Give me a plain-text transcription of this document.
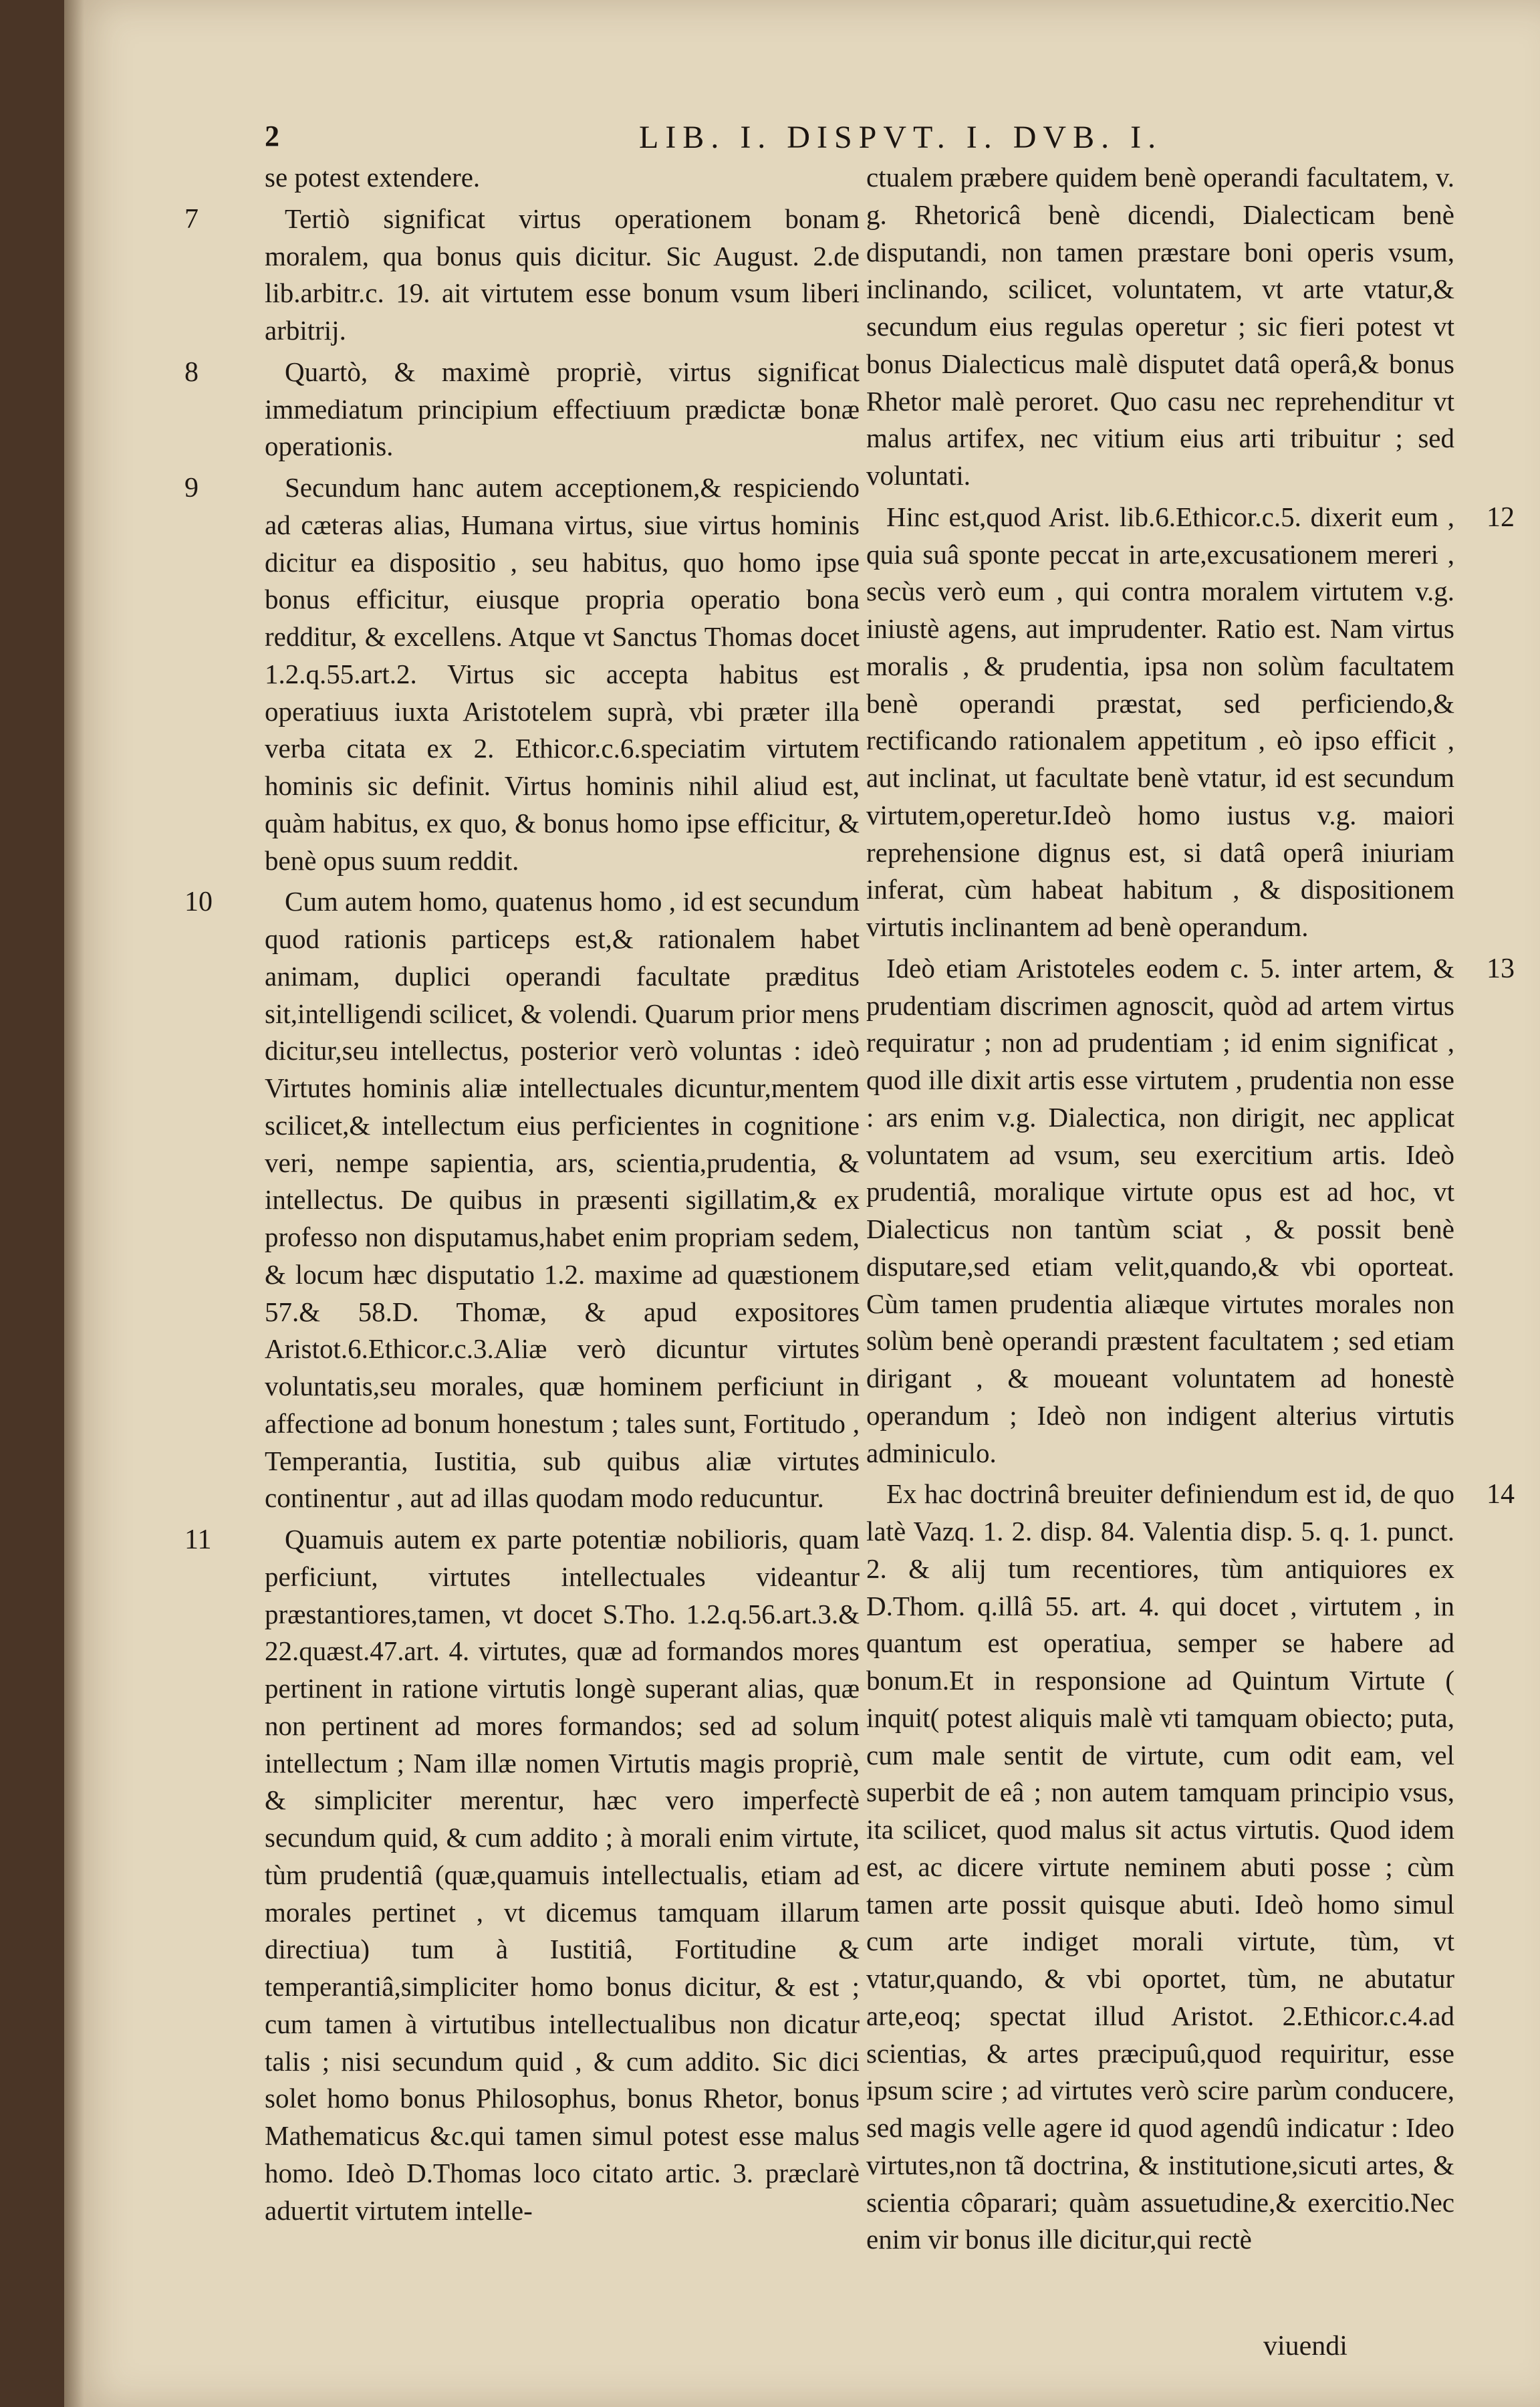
2	LIB. I. DISPVT. I. DVB. I.

se potest extendere.

7	Tertiò significat virtus operationem bonam moralem, qua bonus quis dicitur. Sic August. 2.de lib.arbitr.c. 19. ait virtutem esse bonum vsum liberi arbitrij.

8	Quartò, & maximè propriè, virtus significat immediatum principium effectiuum prædictæ bonæ operationis.

9	Secundum hanc autem acceptionem,& respiciendo ad cæteras alias, Humana virtus, siue virtus hominis dicitur ea dispositio , seu habitus, quo homo ipse bonus efficitur, eiusque propria operatio bona redditur, & excellens. Atque vt Sanctus Thomas docet 1.2.q.55.art.2. Virtus sic accepta habitus est operatiuus iuxta Aristotelem suprà, vbi præter illa verba citata ex 2. Ethicor.c.6.speciatim virtutem hominis sic definit. Virtus hominis nihil aliud est, quàm habitus, ex quo, & bonus homo ipse efficitur, & benè opus suum reddit.

10	Cum autem homo, quatenus homo , id est secundum quod rationis particeps est,& rationalem habet animam, duplici operandi facultate præditus sit,intelligendi scilicet, & volendi. Quarum prior mens dicitur,seu intellectus, posterior verò voluntas : ideò Virtutes hominis aliæ intellectuales dicuntur,mentem scilicet,& intellectum eius perficientes in cognitione veri, nempe sapientia, ars, scientia,prudentia, & intellectus. De quibus in præsenti sigillatim,& ex professo non disputamus,habet enim propriam sedem, & locum hæc disputatio 1.2. maxime ad quæstionem 57.& 58.D. Thomæ, & apud expositores Aristot.6.Ethicor.c.3.Aliæ verò dicuntur virtutes voluntatis,seu morales, quæ hominem perficiunt in affectione ad bonum honestum ; tales sunt, Fortitudo , Temperantia, Iustitia, sub quibus aliæ virtutes continentur , aut ad illas quodam modo reducuntur.

11	Quamuis autem ex parte potentiæ nobilioris, quam perficiunt, virtutes intellectuales videantur præstantiores,tamen, vt docet S.Tho. 1.2.q.56.art.3.& 22.quæst.47.art. 4. virtutes, quæ ad formandos mores pertinent in ratione virtutis longè superant alias, quæ non pertinent ad mores formandos; sed ad solum intellectum ; Nam illæ nomen Virtutis magis propriè, & simpliciter merentur, hæc vero imperfectè secundum quid, & cum addito ; à morali enim virtute, tùm prudentiâ (quæ,quamuis intellectualis, etiam ad morales pertinet , vt dicemus tamquam illarum directiua) tum à Iustitiâ, Fortitudine & temperantiâ,simpliciter homo bonus dicitur, & est ; cum tamen à virtutibus intellectualibus non dicatur talis ; nisi secundum quid , & cum addito. Sic dici solet homo bonus Philosophus, bonus Rhetor, bonus Mathematicus &c.qui tamen simul potest esse malus homo. Ideò D.Thomas loco citato artic. 3. præclarè aduertit virtutem intelle-

ctualem præbere quidem benè operandi facultatem, v. g. Rhetoricâ benè dicendi, Dialecticam benè disputandi, non tamen præstare boni operis vsum, inclinando, scilicet, voluntatem, vt arte vtatur,& secundum eius regulas operetur ; sic fieri potest vt bonus Dialecticus malè disputet datâ operâ,& bonus Rhetor malè peroret. Quo casu nec reprehenditur vt malus artifex, nec vitium eius arti tribuitur ; sed voluntati.

12
Hinc est,quod Arist. lib.6.Ethicor.c.5. dixerit eum , quia suâ sponte peccat in arte,excusationem mereri , secùs verò eum , qui contra moralem virtutem v.g. iniustè agens, aut imprudenter. Ratio est. Nam virtus moralis , & prudentia, ipsa non solùm facultatem benè operandi præstat, sed perficiendo,& rectificando rationalem appetitum , eò ipso efficit , aut inclinat, ut facultate benè vtatur, id est secundum virtutem,operetur.Ideò homo iustus v.g. maiori reprehensione dignus est, si datâ operâ iniuriam inferat, cùm habeat habitum , & dispositionem virtutis inclinantem ad benè operandum.

13
Ideò etiam Aristoteles eodem c. 5. inter artem, & prudentiam discrimen agnoscit, quòd ad artem virtus requiratur ; non ad prudentiam ; id enim significat , quod ille dixit artis esse virtutem , prudentia non esse : ars enim v.g. Dialectica, non dirigit, nec applicat voluntatem ad vsum, seu exercitium artis. Ideò prudentiâ, moralique virtute opus est ad hoc, vt Dialecticus non tantùm sciat , & possit benè disputare,sed etiam velit,quando,& vbi oporteat. Cùm tamen prudentia aliæque virtutes morales non solùm benè operandi præstent facultatem ; sed etiam dirigant , & moueant voluntatem ad honestè operandum ; Ideò non indigent alterius virtutis adminiculo.

14
Ex hac doctrinâ breuiter definiendum est id, de quo latè Vazq. 1. 2. disp. 84. Valentia disp. 5. q. 1. punct. 2. & alij tum recentiores, tùm antiquiores ex D.Thom. q.illâ 55. art. 4. qui docet , virtutem , in quantum est operatiua, semper se habere ad bonum.Et in responsione ad Quintum Virtute ( inquit( potest aliquis malè vti tamquam obiecto; puta, cum male sentit de virtute, cum odit eam, vel superbit de eâ ; non autem tamquam principio vsus, ita scilicet, quod malus sit actus virtutis. Quod idem est, ac dicere virtute neminem abuti posse ; cùm tamen arte possit quisque abuti. Ideò homo simul cum arte indiget morali virtute, tùm, vt vtatur,quando, & vbi oportet, tùm, ne abutatur arte,eoq; spectat illud Aristot. 2.Ethicor.c.4.ad scientias, & artes præcipuû,quod requiritur, esse ipsum scire ; ad virtutes verò scire parùm conducere, sed magis velle agere id quod agendû indicatur : Ideo virtutes,non tã doctrina, & institutione,sicuti artes, & scientia côparari; quàm assuetudine,& exercitio.Nec enim vir bonus ille dicitur,qui rectè

viuendi
